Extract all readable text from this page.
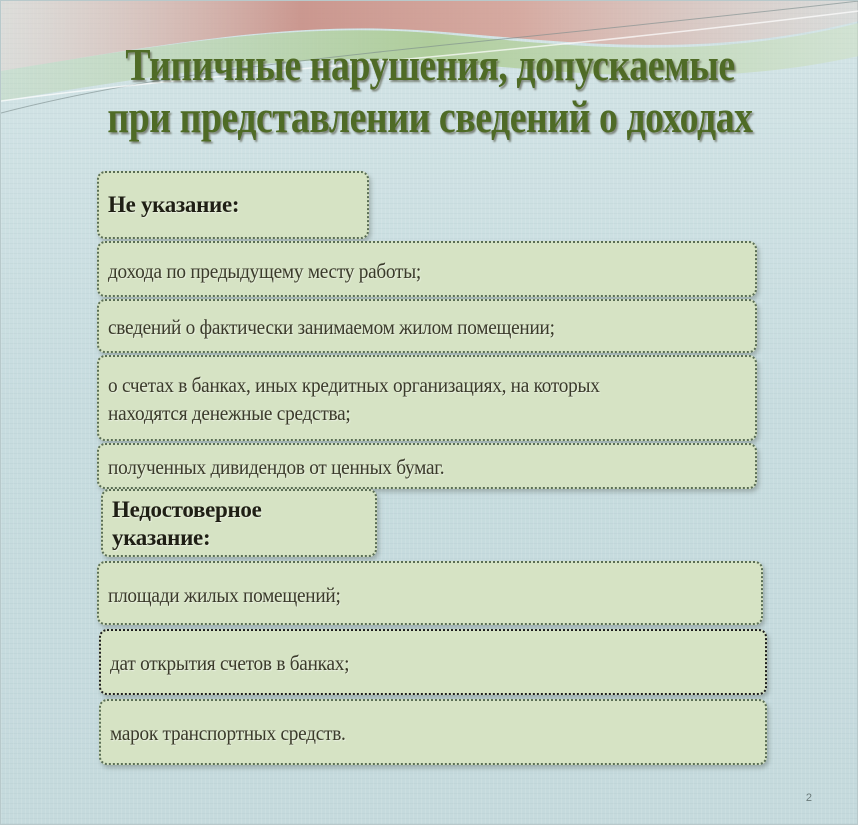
Типичные нарушения, допускаемые
при представлении сведений о доходах
Не указание:
дохода по предыдущему месту работы;
сведений о фактически занимаемом жилом помещении;
о счетах в банках, иных кредитных организациях, на которых
находятся денежные средства;
полученных дивидендов от ценных бумаг.
Недостоверное
указание:
площади жилых помещений;
дат открытия счетов в банках;
марок транспортных средств.
2
